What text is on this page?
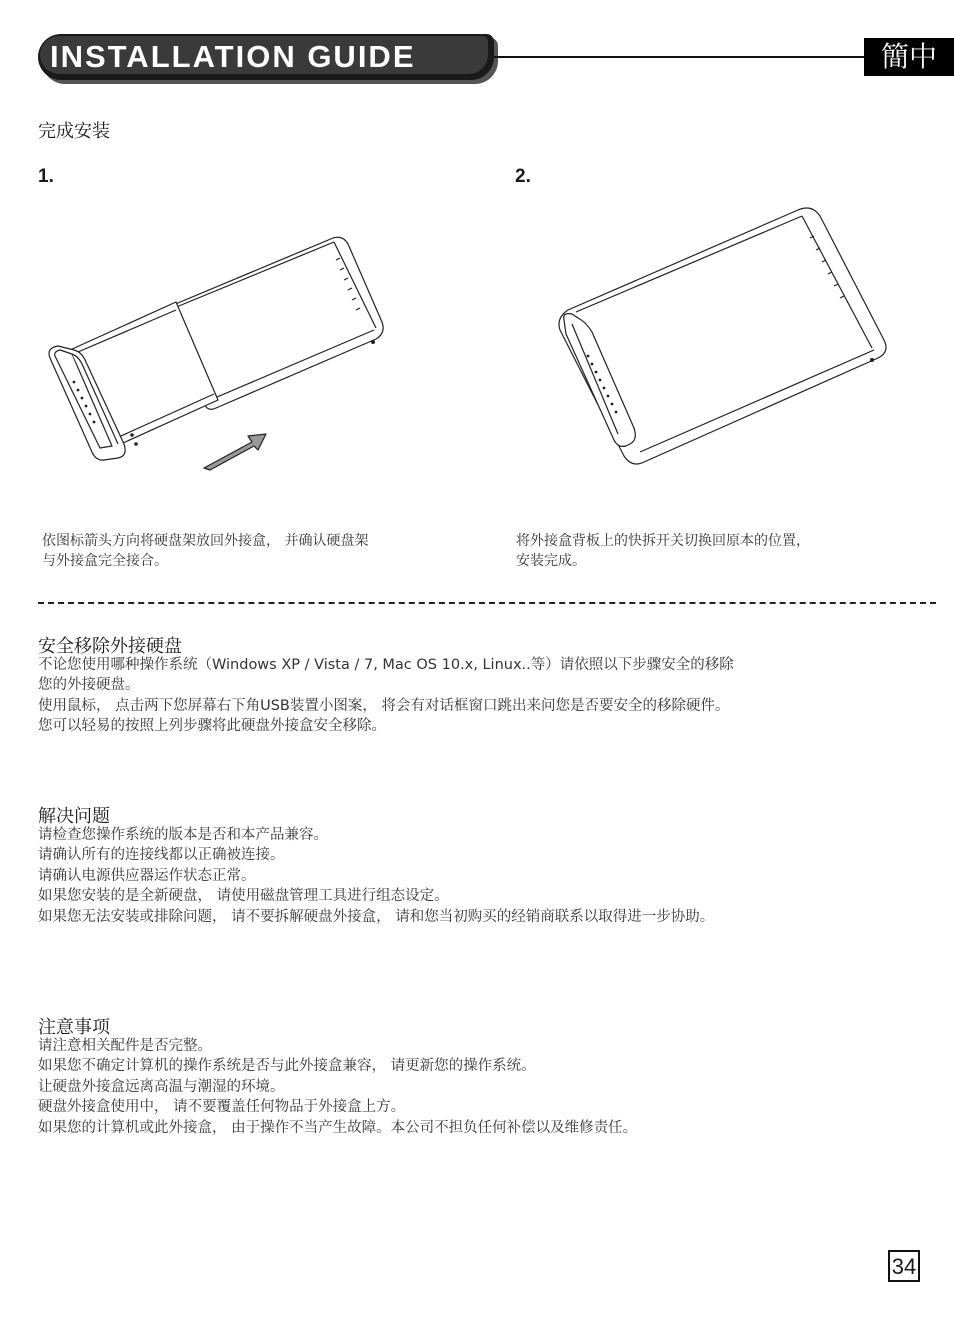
INSTALLATION GUIDE	簡中
完成安装
1.	2.
依图标箭头方向将硬盘架放回外接盒， 并确认硬盘架
与外接盒完全接合。
将外接盒背板上的快拆开关切换回原本的位置，
安装完成。
安全移除外接硬盘
不论您使用哪种操作系统（Windows XP / Vista / 7, Mac OS 10.x, Linux..等）请依照以下步骤安全的移除
您的外接硬盘。
使用鼠标， 点击两下您屏幕右下角USB装置小图案， 将会有对话框窗口跳出来问您是否要安全的移除硬件。
您可以轻易的按照上列步骤将此硬盘外接盒安全移除。
解决问题
请检查您操作系统的版本是否和本产品兼容。
请确认所有的连接线都以正确被连接。
请确认电源供应器运作状态正常。
如果您安装的是全新硬盘， 请使用磁盘管理工具进行组态设定。
如果您无法安装或排除问题， 请不要拆解硬盘外接盒， 请和您当初购买的经销商联系以取得进一步协助。
注意事项
请注意相关配件是否完整。
如果您不确定计算机的操作系统是否与此外接盒兼容， 请更新您的操作系统。
让硬盘外接盒远离高温与潮湿的环境。
硬盘外接盒使用中， 请不要覆盖任何物品于外接盒上方。
如果您的计算机或此外接盒， 由于操作不当产生故障。本公司不担负任何补偿以及维修责任。
34
